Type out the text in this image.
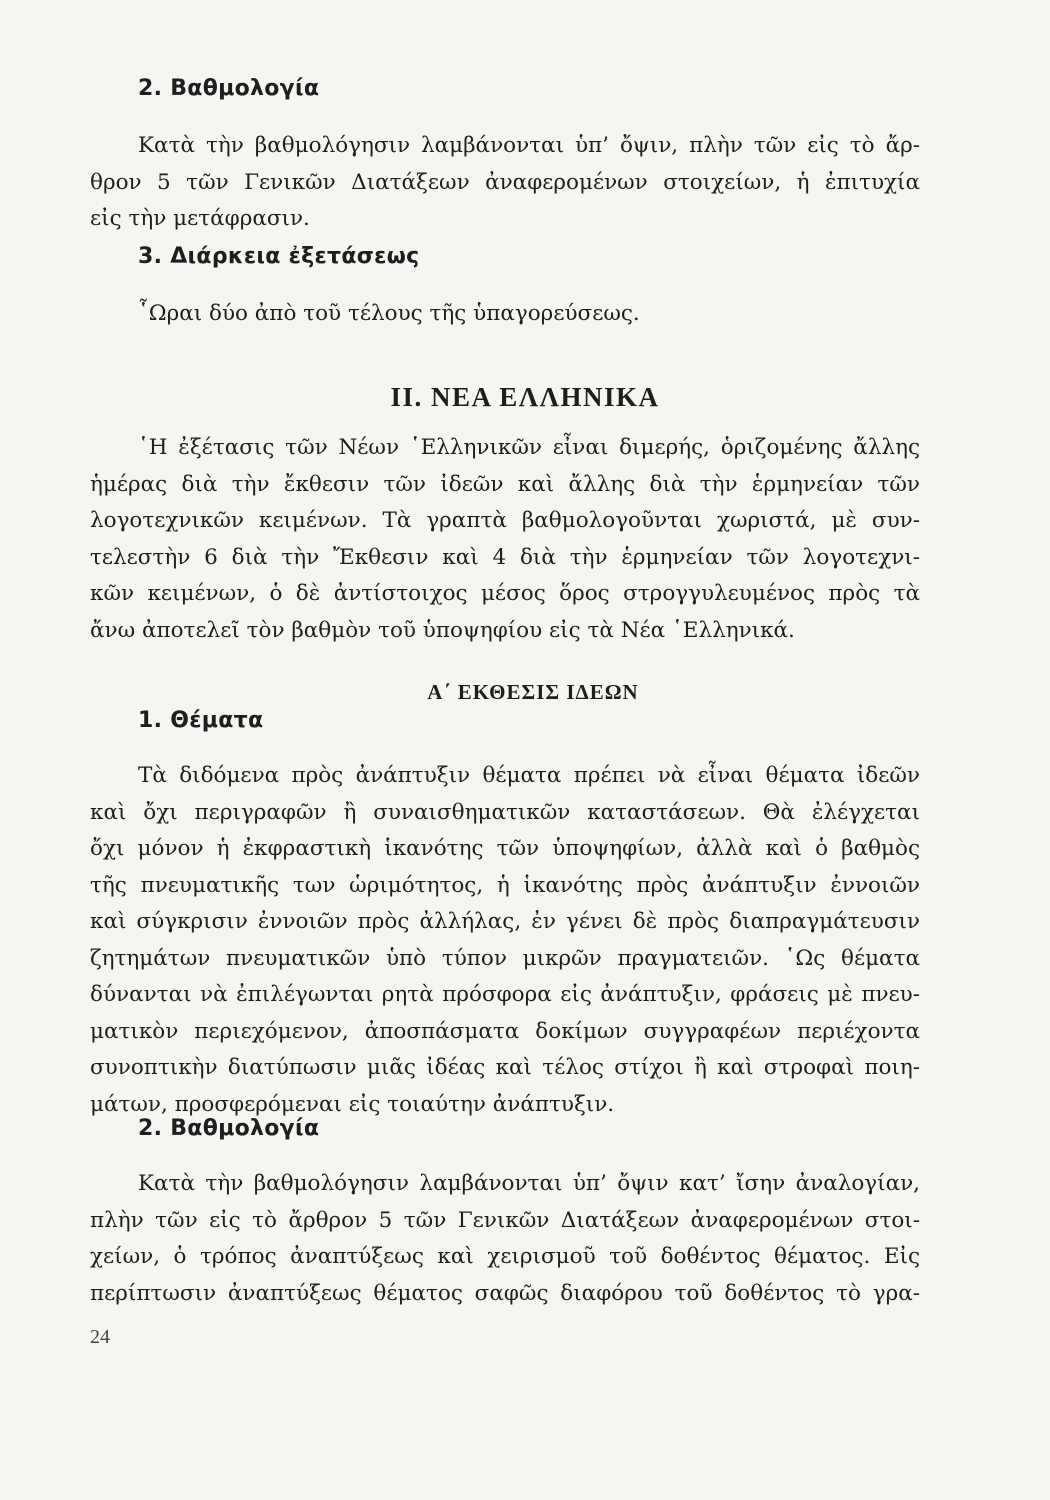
2. Βαθμολογία
Κατὰ τὴν βαθμολόγησιν λαμβάνονται ὑπ’ ὄψιν, πλὴν τῶν εἰς τὸ ἄρ-
θρον 5 τῶν Γενικῶν Διατάξεων ἀναφερομένων στοιχείων, ἡ ἐπιτυχία
εἰς τὴν μετάφρασιν.
3. Διάρκεια ἐξετάσεως
῟Ωραι δύο ἀπὸ τοῦ τέλους τῆς ὑπαγορεύσεως.
II. ΝΕΑ ΕΛΛΗΝΙΚΑ
῾Η ἐξέτασις τῶν Νέων ῾Ελληνικῶν εἶναι διμερής, ὁριζομένης ἄλλης
ἡμέρας διὰ τὴν ἔκθεσιν τῶν ἰδεῶν καὶ ἄλλης διὰ τὴν ἑρμηνείαν τῶν
λογοτεχνικῶν κειμένων. Τὰ γραπτὰ βαθμολογοῦνται χωριστά, μὲ συν-
τελεστὴν 6 διὰ τὴν Ἔκθεσιν καὶ 4 διὰ τὴν ἑρμηνείαν τῶν λογοτεχνι-
κῶν κειμένων, ὁ δὲ ἀντίστοιχος μέσος ὅρος στρογγυλευμένος πρὸς τὰ
ἄνω ἀποτελεῖ τὸν βαθμὸν τοῦ ὑποψηφίου εἰς τὰ Νέα ῾Ελληνικά.
Α΄ ΕΚΘΕΣΙΣ ΙΔΕΩΝ
1. Θέματα
Τὰ διδόμενα πρὸς ἀνάπτυξιν θέματα πρέπει νὰ εἶναι θέματα ἰδεῶν
καὶ ὄχι περιγραφῶν ἢ συναισθηματικῶν καταστάσεων. Θὰ ἐλέγχεται
ὄχι μόνον ἡ ἐκφραστικὴ ἱκανότης τῶν ὑποψηφίων, ἀλλὰ καὶ ὁ βαθμὸς
τῆς πνευματικῆς των ὡριμότητος, ἡ ἱκανότης πρὸς ἀνάπτυξιν ἐννοιῶν
καὶ σύγκρισιν ἐννοιῶν πρὸς ἀλλήλας, ἐν γένει δὲ πρὸς διαπραγμάτευσιν
ζητημάτων πνευματικῶν ὑπὸ τύπον μικρῶν πραγματειῶν. ῾Ως θέματα
δύνανται νὰ ἐπιλέγωνται ρητὰ πρόσφορα εἰς ἀνάπτυξιν, φράσεις μὲ πνευ-
ματικὸν περιεχόμενον, ἀποσπάσματα δοκίμων συγγραφέων περιέχοντα
συνοπτικὴν διατύπωσιν μιᾶς ἰδέας καὶ τέλος στίχοι ἢ καὶ στροφαὶ ποιη-
μάτων, προσφερόμεναι εἰς τοιαύτην ἀνάπτυξιν.
2. Βαθμολογία
Κατὰ τὴν βαθμολόγησιν λαμβάνονται ὑπ’ ὄψιν κατ’ ἴσην ἀναλογίαν,
πλὴν τῶν εἰς τὸ ἄρθρον 5 τῶν Γενικῶν Διατάξεων ἀναφερομένων στοι-
χείων, ὁ τρόπος ἀναπτύξεως καὶ χειρισμοῦ τοῦ δοθέντος θέματος. Εἰς
περίπτωσιν ἀναπτύξεως θέματος σαφῶς διαφόρου τοῦ δοθέντος τὸ γρα-
24
